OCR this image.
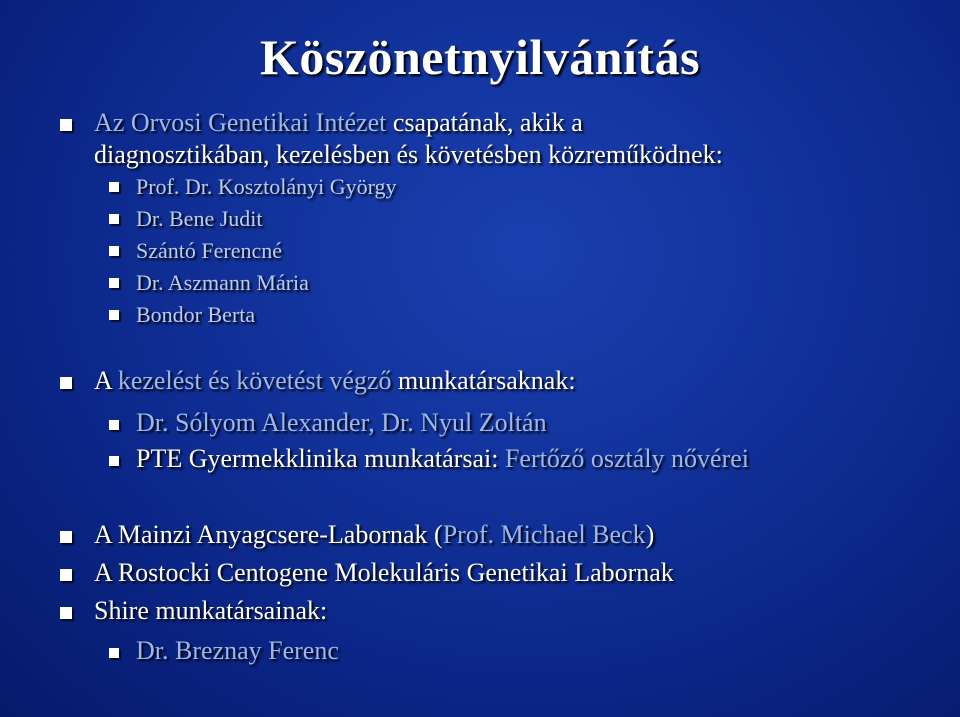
Köszönetnyilvánítás
Az Orvosi Genetikai Intézet csapatának, akik a
diagnosztikában, kezelésben és követésben közreműködnek:
Prof. Dr. Kosztolányi György
Dr. Bene Judit
Szántó Ferencné
Dr. Aszmann Mária
Bondor Berta
A kezelést és követést végző munkatársaknak:
Dr. Sólyom Alexander, Dr. Nyul Zoltán
PTE Gyermekklinika munkatársai: Fertőző osztály nővérei
A Mainzi Anyagcsere-Labornak (Prof. Michael Beck)
A Rostocki Centogene Molekuláris Genetikai Labornak
Shire munkatársainak:
Dr. Breznay Ferenc
